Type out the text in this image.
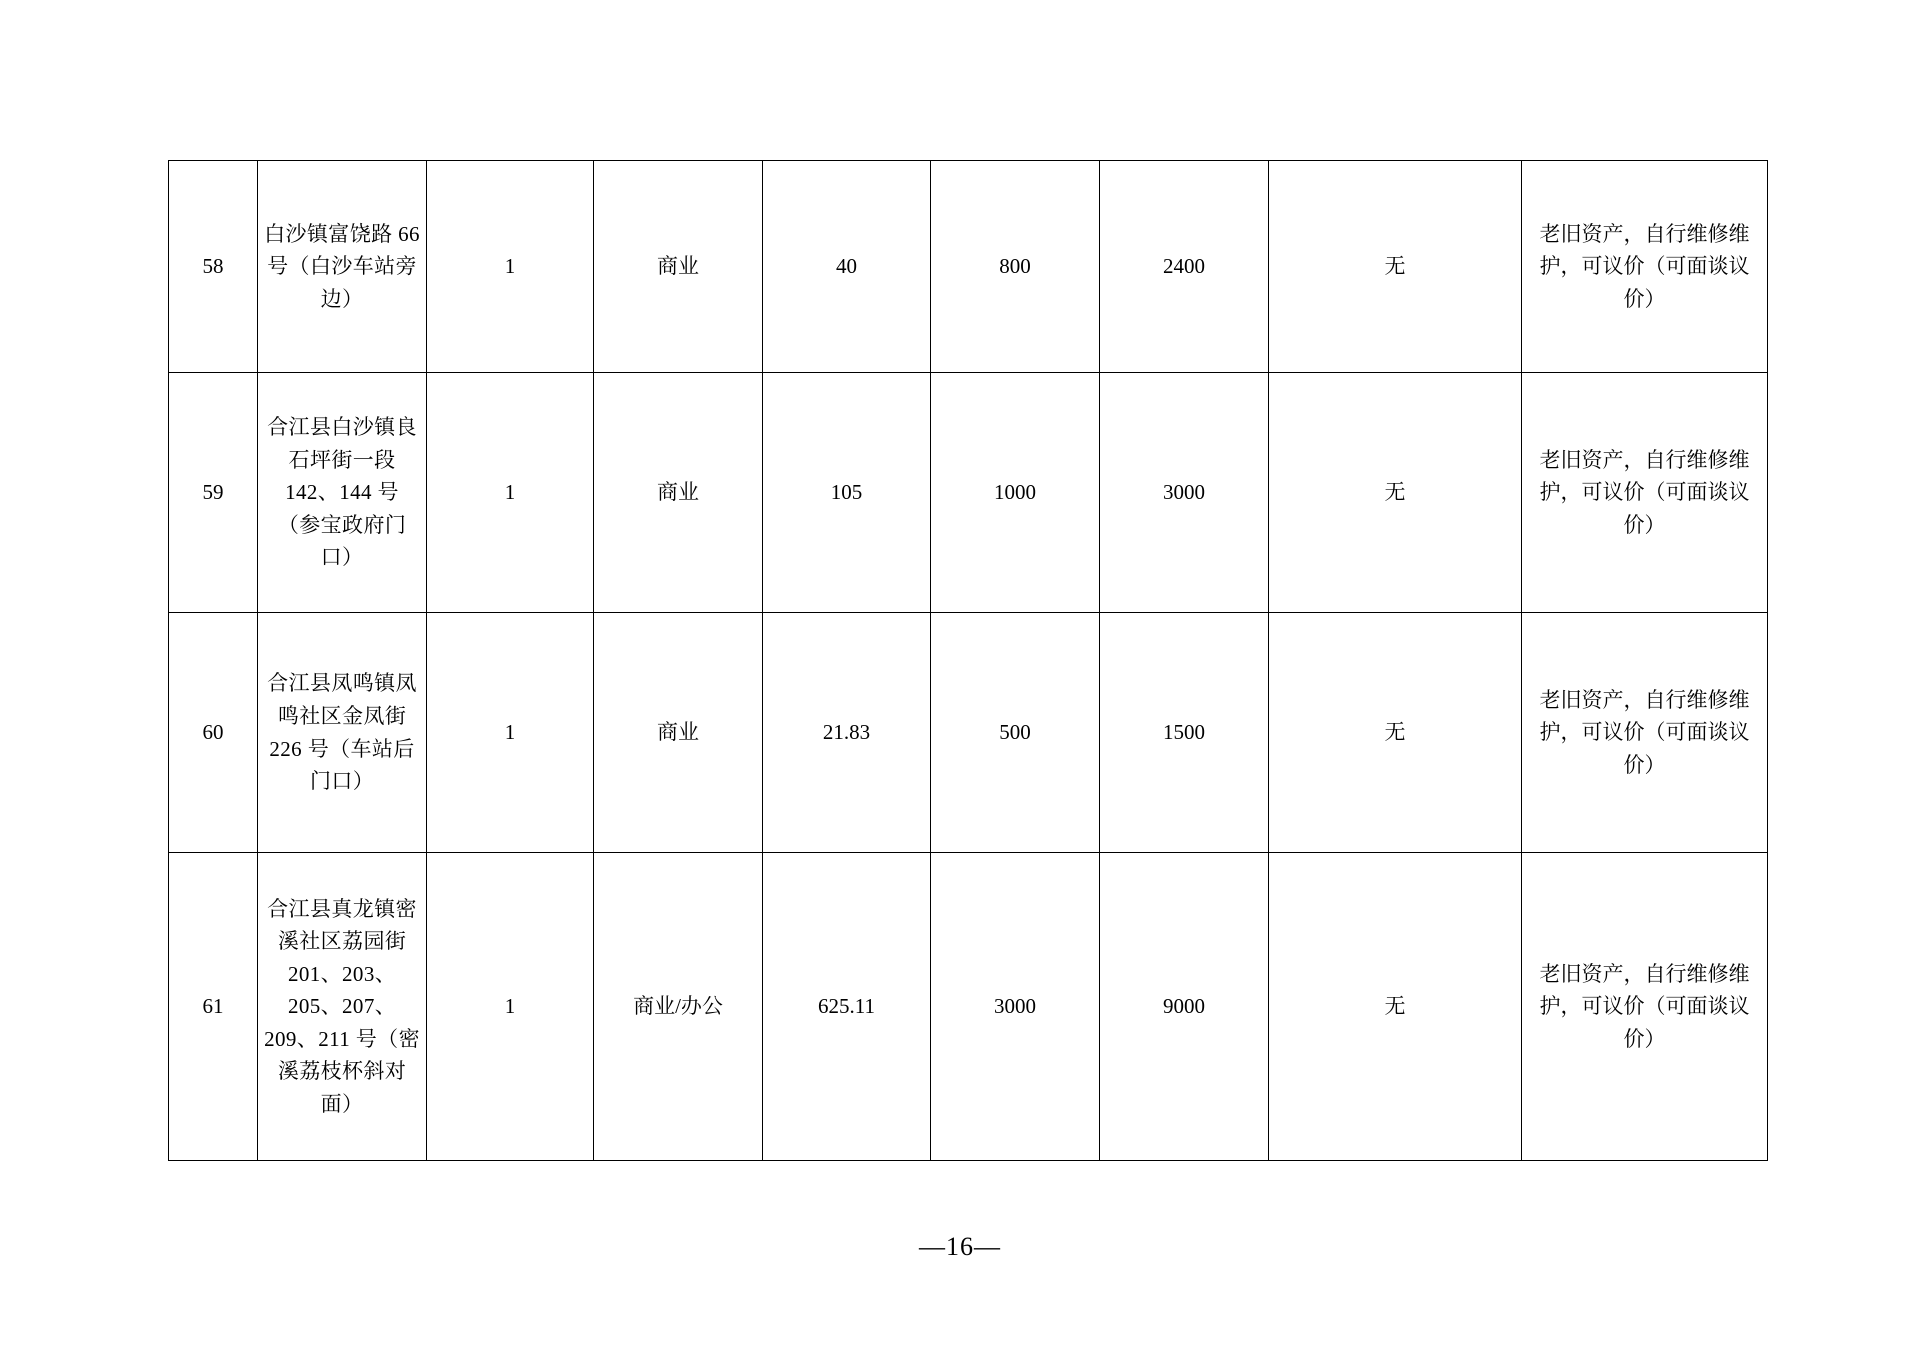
58	白沙镇富饶路 66 号（白沙车站旁边）	1	商业	40	800	2400	无	老旧资产，自行维修维护，可议价（可面谈议价）
59	合江县白沙镇良石坪街一段 142、144 号（参宝政府门口）	1	商业	105	1000	3000	无	老旧资产，自行维修维护，可议价（可面谈议价）
60	合江县凤鸣镇凤鸣社区金凤街 226 号（车站后门口）	1	商业	21.83	500	1500	无	老旧资产，自行维修维护，可议价（可面谈议价）
61	合江县真龙镇密溪社区荔园街 201、203、205、207、209、211 号（密溪荔枝杯斜对面）	1	商业/办公	625.11	3000	9000	无	老旧资产，自行维修维护，可议价（可面谈议价）
—16—
